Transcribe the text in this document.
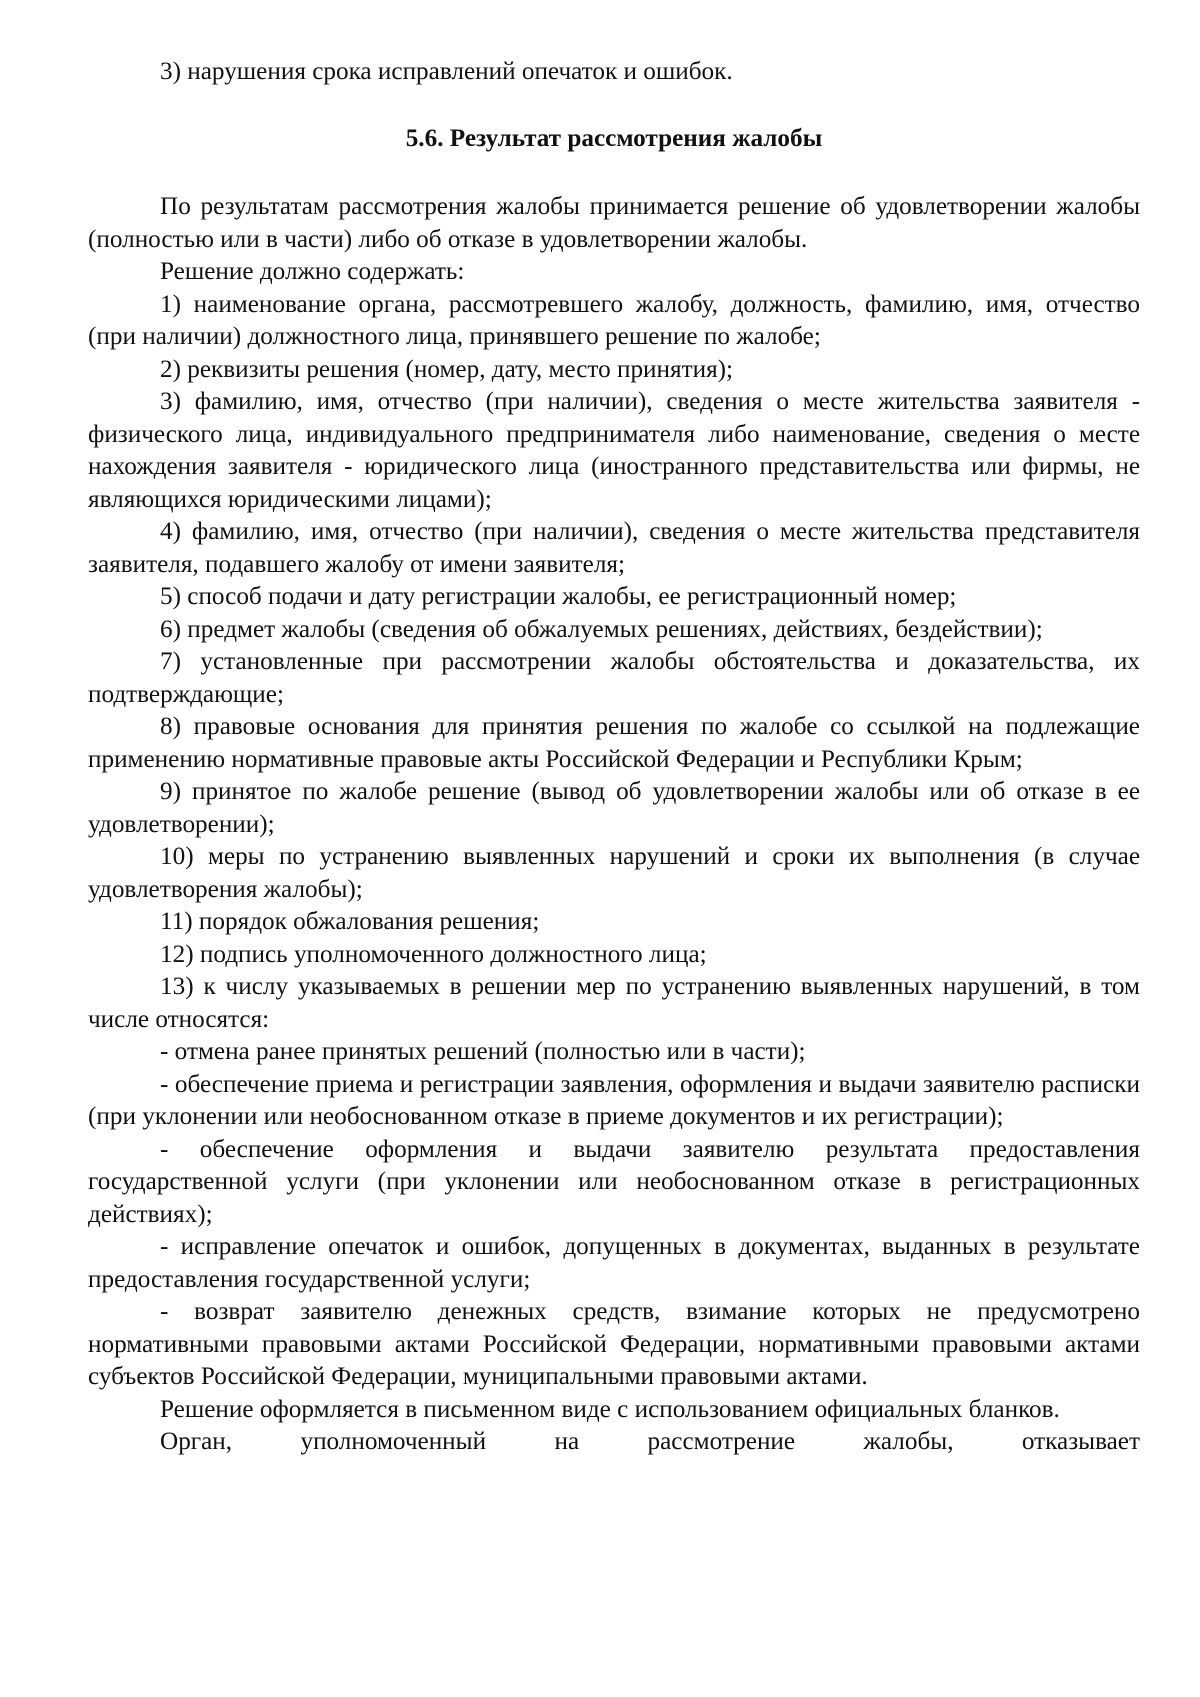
3) нарушения срока исправлений опечаток и ошибок.

5.6. Результат рассмотрения жалобы

По результатам рассмотрения жалобы принимается решение об удовлетворении жалобы (полностью или в части) либо об отказе в удовлетворении жалобы.

Решение должно содержать:

1) наименование органа, рассмотревшего жалобу, должность, фамилию, имя, отчество (при наличии) должностного лица, принявшего решение по жалобе;

2) реквизиты решения (номер, дату, место принятия);

3) фамилию, имя, отчество (при наличии), сведения о месте жительства заявителя - физического лица, индивидуального предпринимателя либо наименование, сведения о месте нахождения заявителя - юридического лица (иностранного представительства или фирмы, не являющихся юридическими лицами);

4) фамилию, имя, отчество (при наличии), сведения о месте жительства представителя заявителя, подавшего жалобу от имени заявителя;

5) способ подачи и дату регистрации жалобы, ее регистрационный номер;

6) предмет жалобы (сведения об обжалуемых решениях, действиях, бездействии);

7) установленные при рассмотрении жалобы обстоятельства и доказательства, их подтверждающие;

8) правовые основания для принятия решения по жалобе со ссылкой на подлежащие применению нормативные правовые акты Российской Федерации и Республики Крым;

9) принятое по жалобе решение (вывод об удовлетворении жалобы или об отказе в ее удовлетворении);

10) меры по устранению выявленных нарушений и сроки их выполнения (в случае удовлетворения жалобы);

11) порядок обжалования решения;

12) подпись уполномоченного должностного лица;

13) к числу указываемых в решении мер по устранению выявленных нарушений, в том числе относятся:

- отмена ранее принятых решений (полностью или в части);

- обеспечение приема и регистрации заявления, оформления и выдачи заявителю расписки (при уклонении или необоснованном отказе в приеме документов и их регистрации);

- обеспечение оформления и выдачи заявителю результата предоставления государственной услуги (при уклонении или необоснованном отказе в регистрационных действиях);

- исправление опечаток и ошибок, допущенных в документах, выданных в результате предоставления государственной услуги;

- возврат заявителю денежных средств, взимание которых не предусмотрено нормативными правовыми актами Российской Федерации, нормативными правовыми актами субъектов Российской Федерации, муниципальными правовыми актами.

Решение оформляется в письменном виде с использованием официальных бланков.

Орган, уполномоченный на рассмотрение жалобы, отказывает
